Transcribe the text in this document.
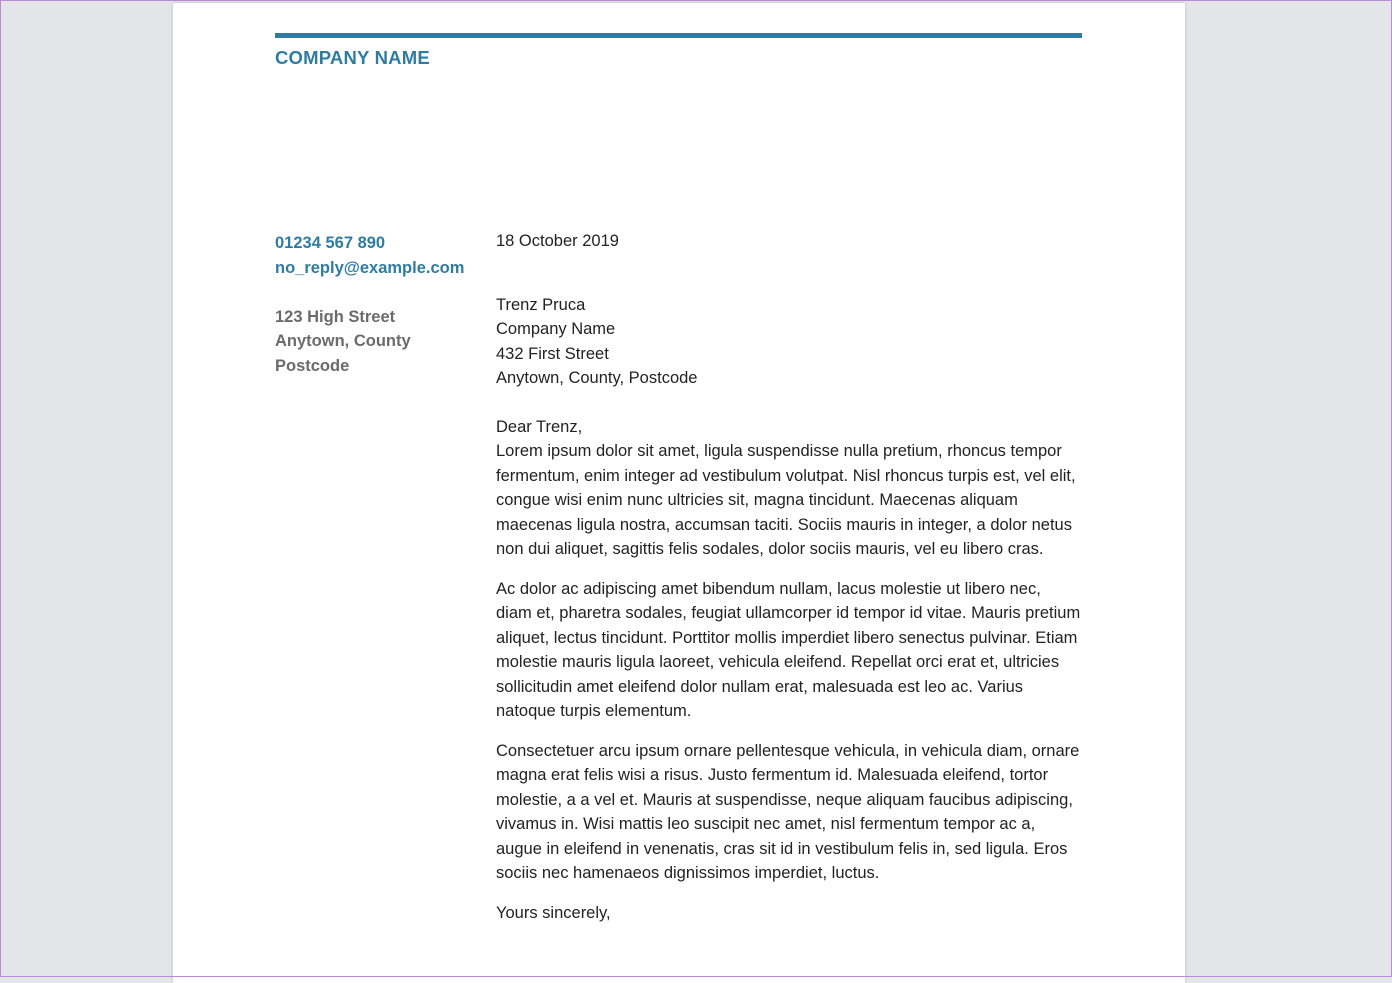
COMPANY NAME
01234 567 890
no_reply@example.com
123 High Street
Anytown, County
Postcode
18 October 2019
Trenz Pruca
Company Name
432 First Street
Anytown, County, Postcode
Dear Trenz,
Lorem ipsum dolor sit amet, ligula suspendisse nulla pretium, rhoncus tempor
fermentum, enim integer ad vestibulum volutpat. Nisl rhoncus turpis est, vel elit,
congue wisi enim nunc ultricies sit, magna tincidunt. Maecenas aliquam
maecenas ligula nostra, accumsan taciti. Sociis mauris in integer, a dolor netus
non dui aliquet, sagittis felis sodales, dolor sociis mauris, vel eu libero cras.
Ac dolor ac adipiscing amet bibendum nullam, lacus molestie ut libero nec,
diam et, pharetra sodales, feugiat ullamcorper id tempor id vitae. Mauris pretium
aliquet, lectus tincidunt. Porttitor mollis imperdiet libero senectus pulvinar. Etiam
molestie mauris ligula laoreet, vehicula eleifend. Repellat orci erat et, ultricies
sollicitudin amet eleifend dolor nullam erat, malesuada est leo ac. Varius
natoque turpis elementum.
Consectetuer arcu ipsum ornare pellentesque vehicula, in vehicula diam, ornare
magna erat felis wisi a risus. Justo fermentum id. Malesuada eleifend, tortor
molestie, a a vel et. Mauris at suspendisse, neque aliquam faucibus adipiscing,
vivamus in. Wisi mattis leo suscipit nec amet, nisl fermentum tempor ac a,
augue in eleifend in venenatis, cras sit id in vestibulum felis in, sed ligula. Eros
sociis nec hamenaeos dignissimos imperdiet, luctus.
Yours sincerely,
